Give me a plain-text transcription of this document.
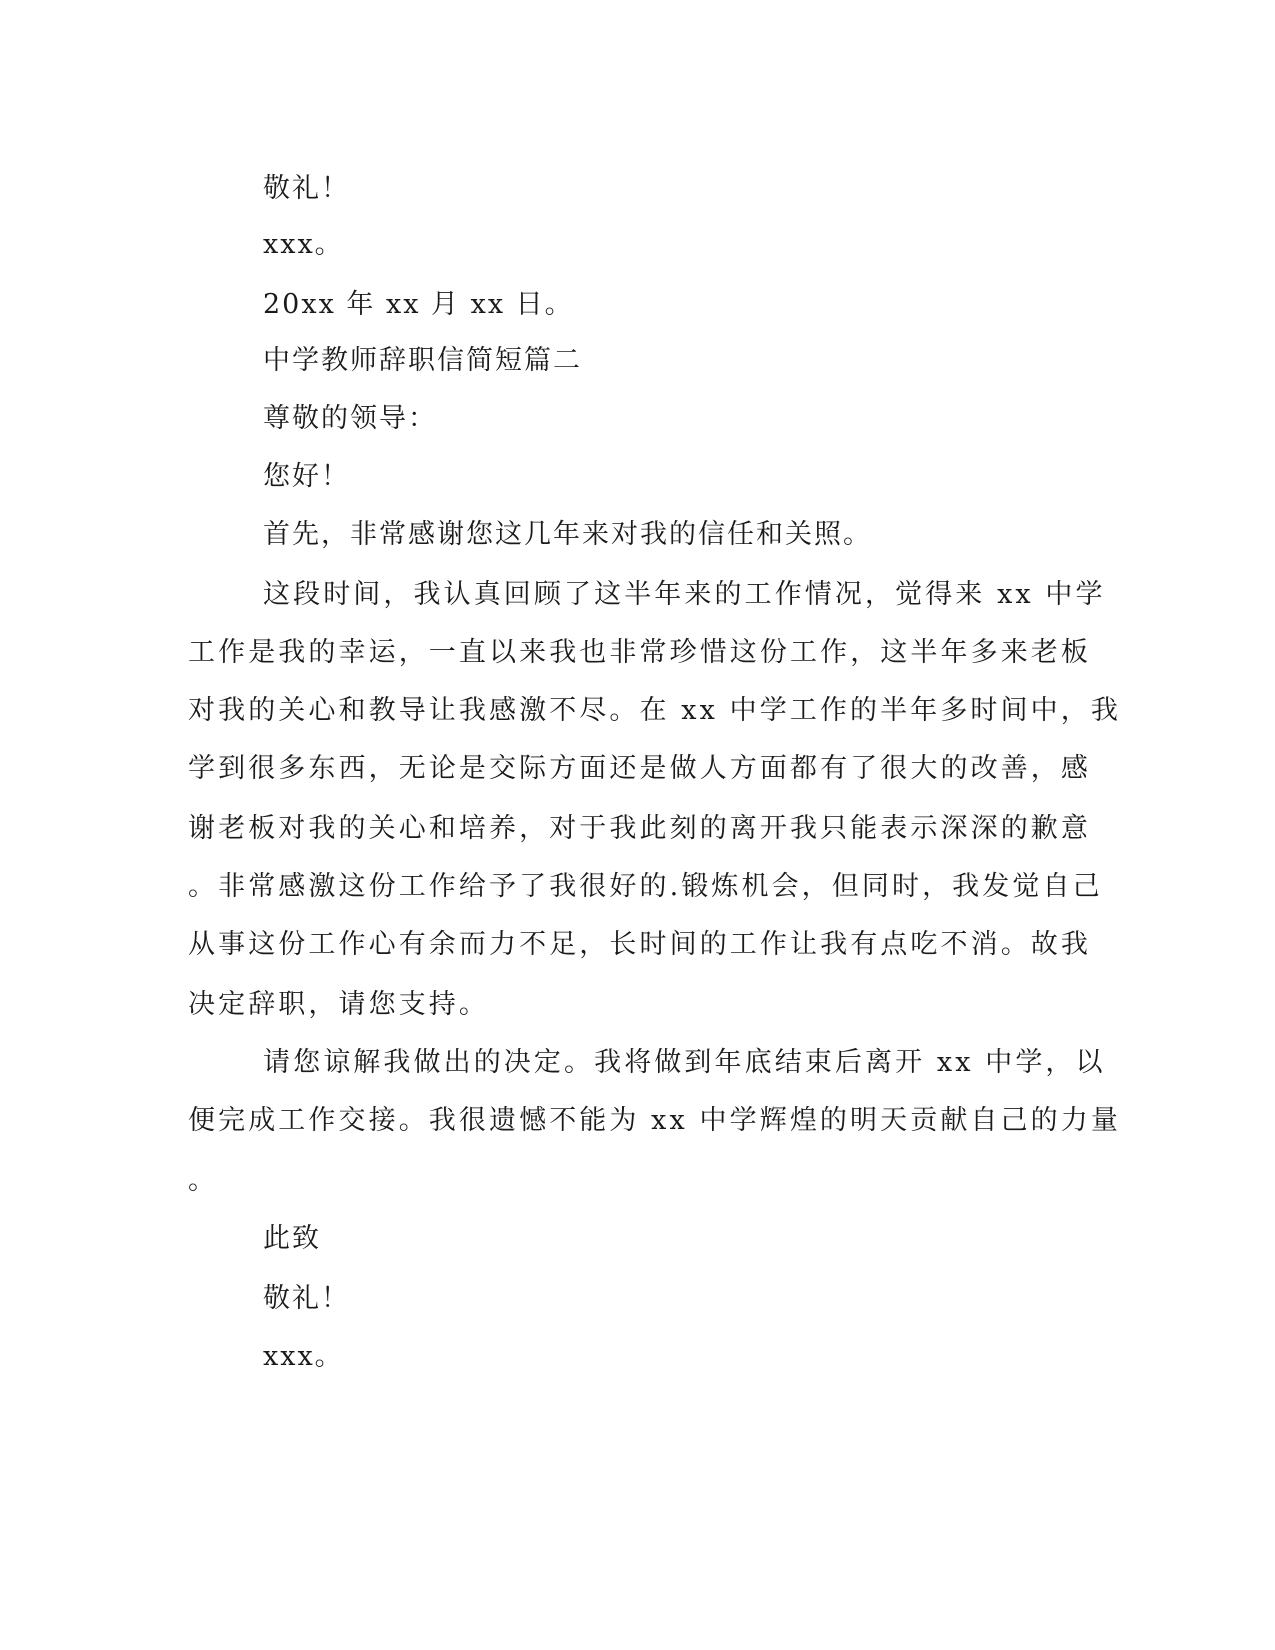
敬礼！

xxx。

20xx 年 xx 月 xx 日。

中学教师辞职信简短篇二

尊敬的领导：

您好！

首先，非常感谢您这几年来对我的信任和关照。

这段时间，我认真回顾了这半年来的工作情况，觉得来 xx 中学

工作是我的幸运，一直以来我也非常珍惜这份工作，这半年多来老板

对我的关心和教导让我感激不尽。在 xx 中学工作的半年多时间中，我

学到很多东西，无论是交际方面还是做人方面都有了很大的改善，感

谢老板对我的关心和培养，对于我此刻的离开我只能表示深深的歉意

。非常感激这份工作给予了我很好的.锻炼机会，但同时，我发觉自己

从事这份工作心有余而力不足，长时间的工作让我有点吃不消。故我

决定辞职，请您支持。

请您谅解我做出的决定。我将做到年底结束后离开 xx 中学，以

便完成工作交接。我很遗憾不能为 xx 中学辉煌的明天贡献自己的力量

。

此致

敬礼！

xxx。
